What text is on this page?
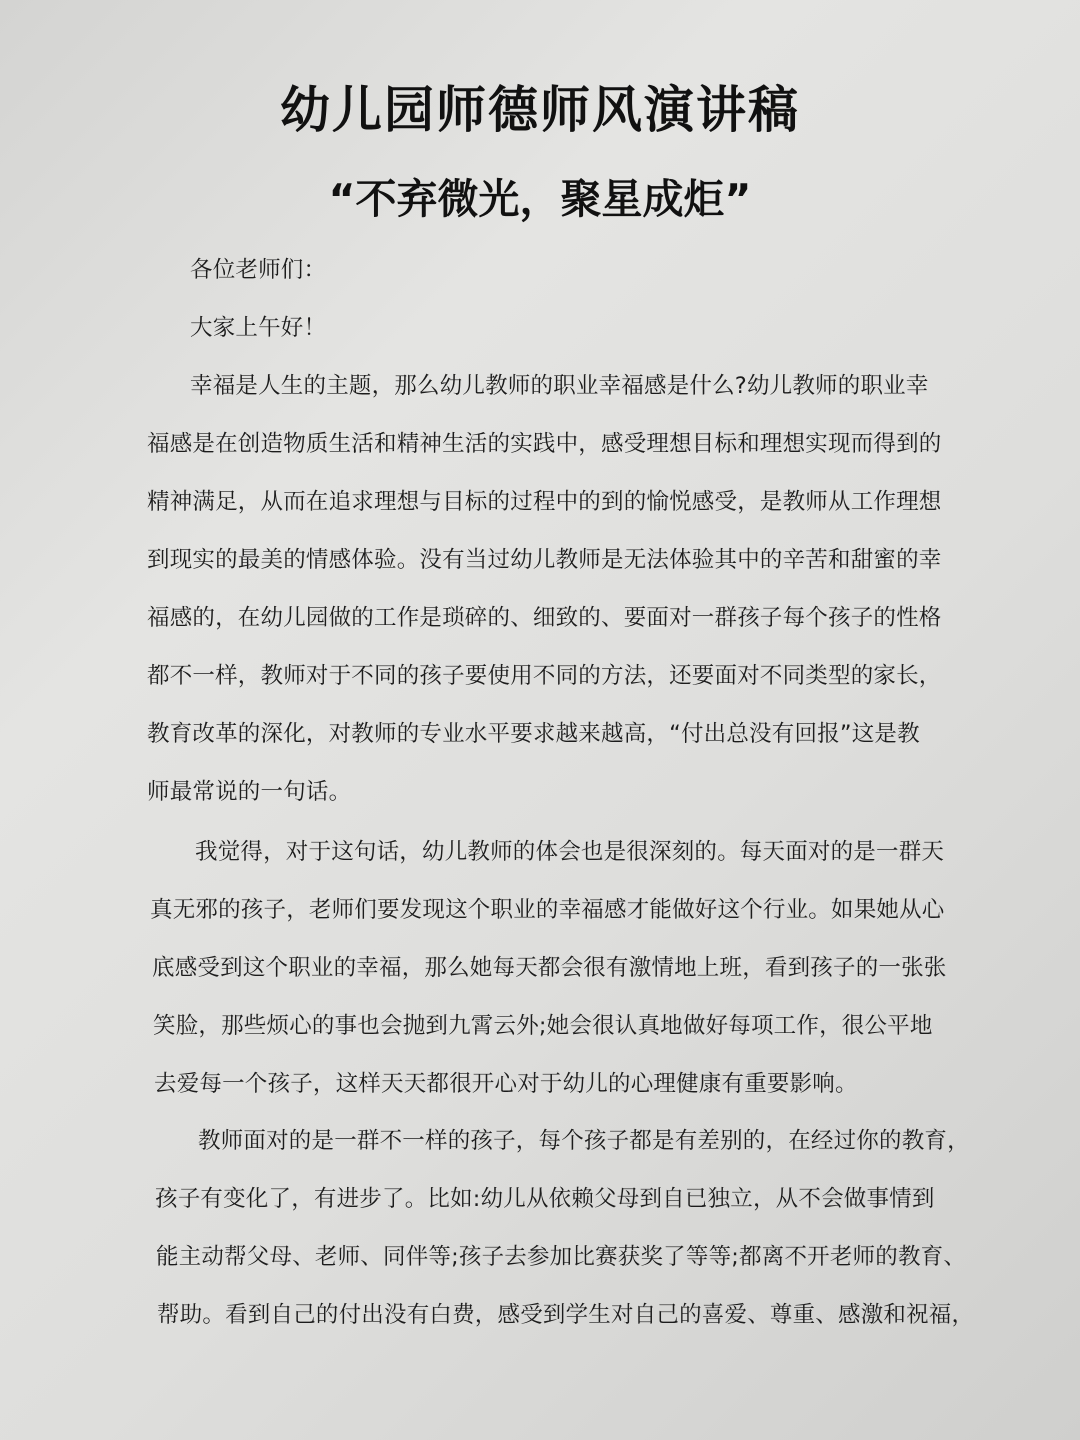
幼儿园师德师风演讲稿
“不弃微光，聚星成炬”
各位老师们：
大家上午好！
幸福是人生的主题，那么幼儿教师的职业幸福感是什么?幼儿教师的职业幸
福感是在创造物质生活和精神生活的实践中，感受理想目标和理想实现而得到的
精神满足，从而在追求理想与目标的过程中的到的愉悦感受，是教师从工作理想
到现实的最美的情感体验。没有当过幼儿教师是无法体验其中的辛苦和甜蜜的幸
福感的，在幼儿园做的工作是琐碎的、细致的、要面对一群孩子每个孩子的性格
都不一样，教师对于不同的孩子要使用不同的方法，还要面对不同类型的家长，
教育改革的深化，对教师的专业水平要求越来越高，“付出总没有回报”这是教
师最常说的一句话。
我觉得，对于这句话，幼儿教师的体会也是很深刻的。每天面对的是一群天
真无邪的孩子，老师们要发现这个职业的幸福感才能做好这个行业。如果她从心
底感受到这个职业的幸福，那么她每天都会很有激情地上班，看到孩子的一张张
笑脸，那些烦心的事也会抛到九霄云外;她会很认真地做好每项工作，很公平地
去爱每一个孩子，这样天天都很开心对于幼儿的心理健康有重要影响。
教师面对的是一群不一样的孩子，每个孩子都是有差别的，在经过你的教育，
孩子有变化了，有进步了。比如:幼儿从依赖父母到自已独立，从不会做事情到
能主动帮父母、老师、同伴等;孩子去参加比赛获奖了等等;都离不开老师的教育、
帮助。看到自己的付出没有白费，感受到学生对自己的喜爱、尊重、感激和祝福，
